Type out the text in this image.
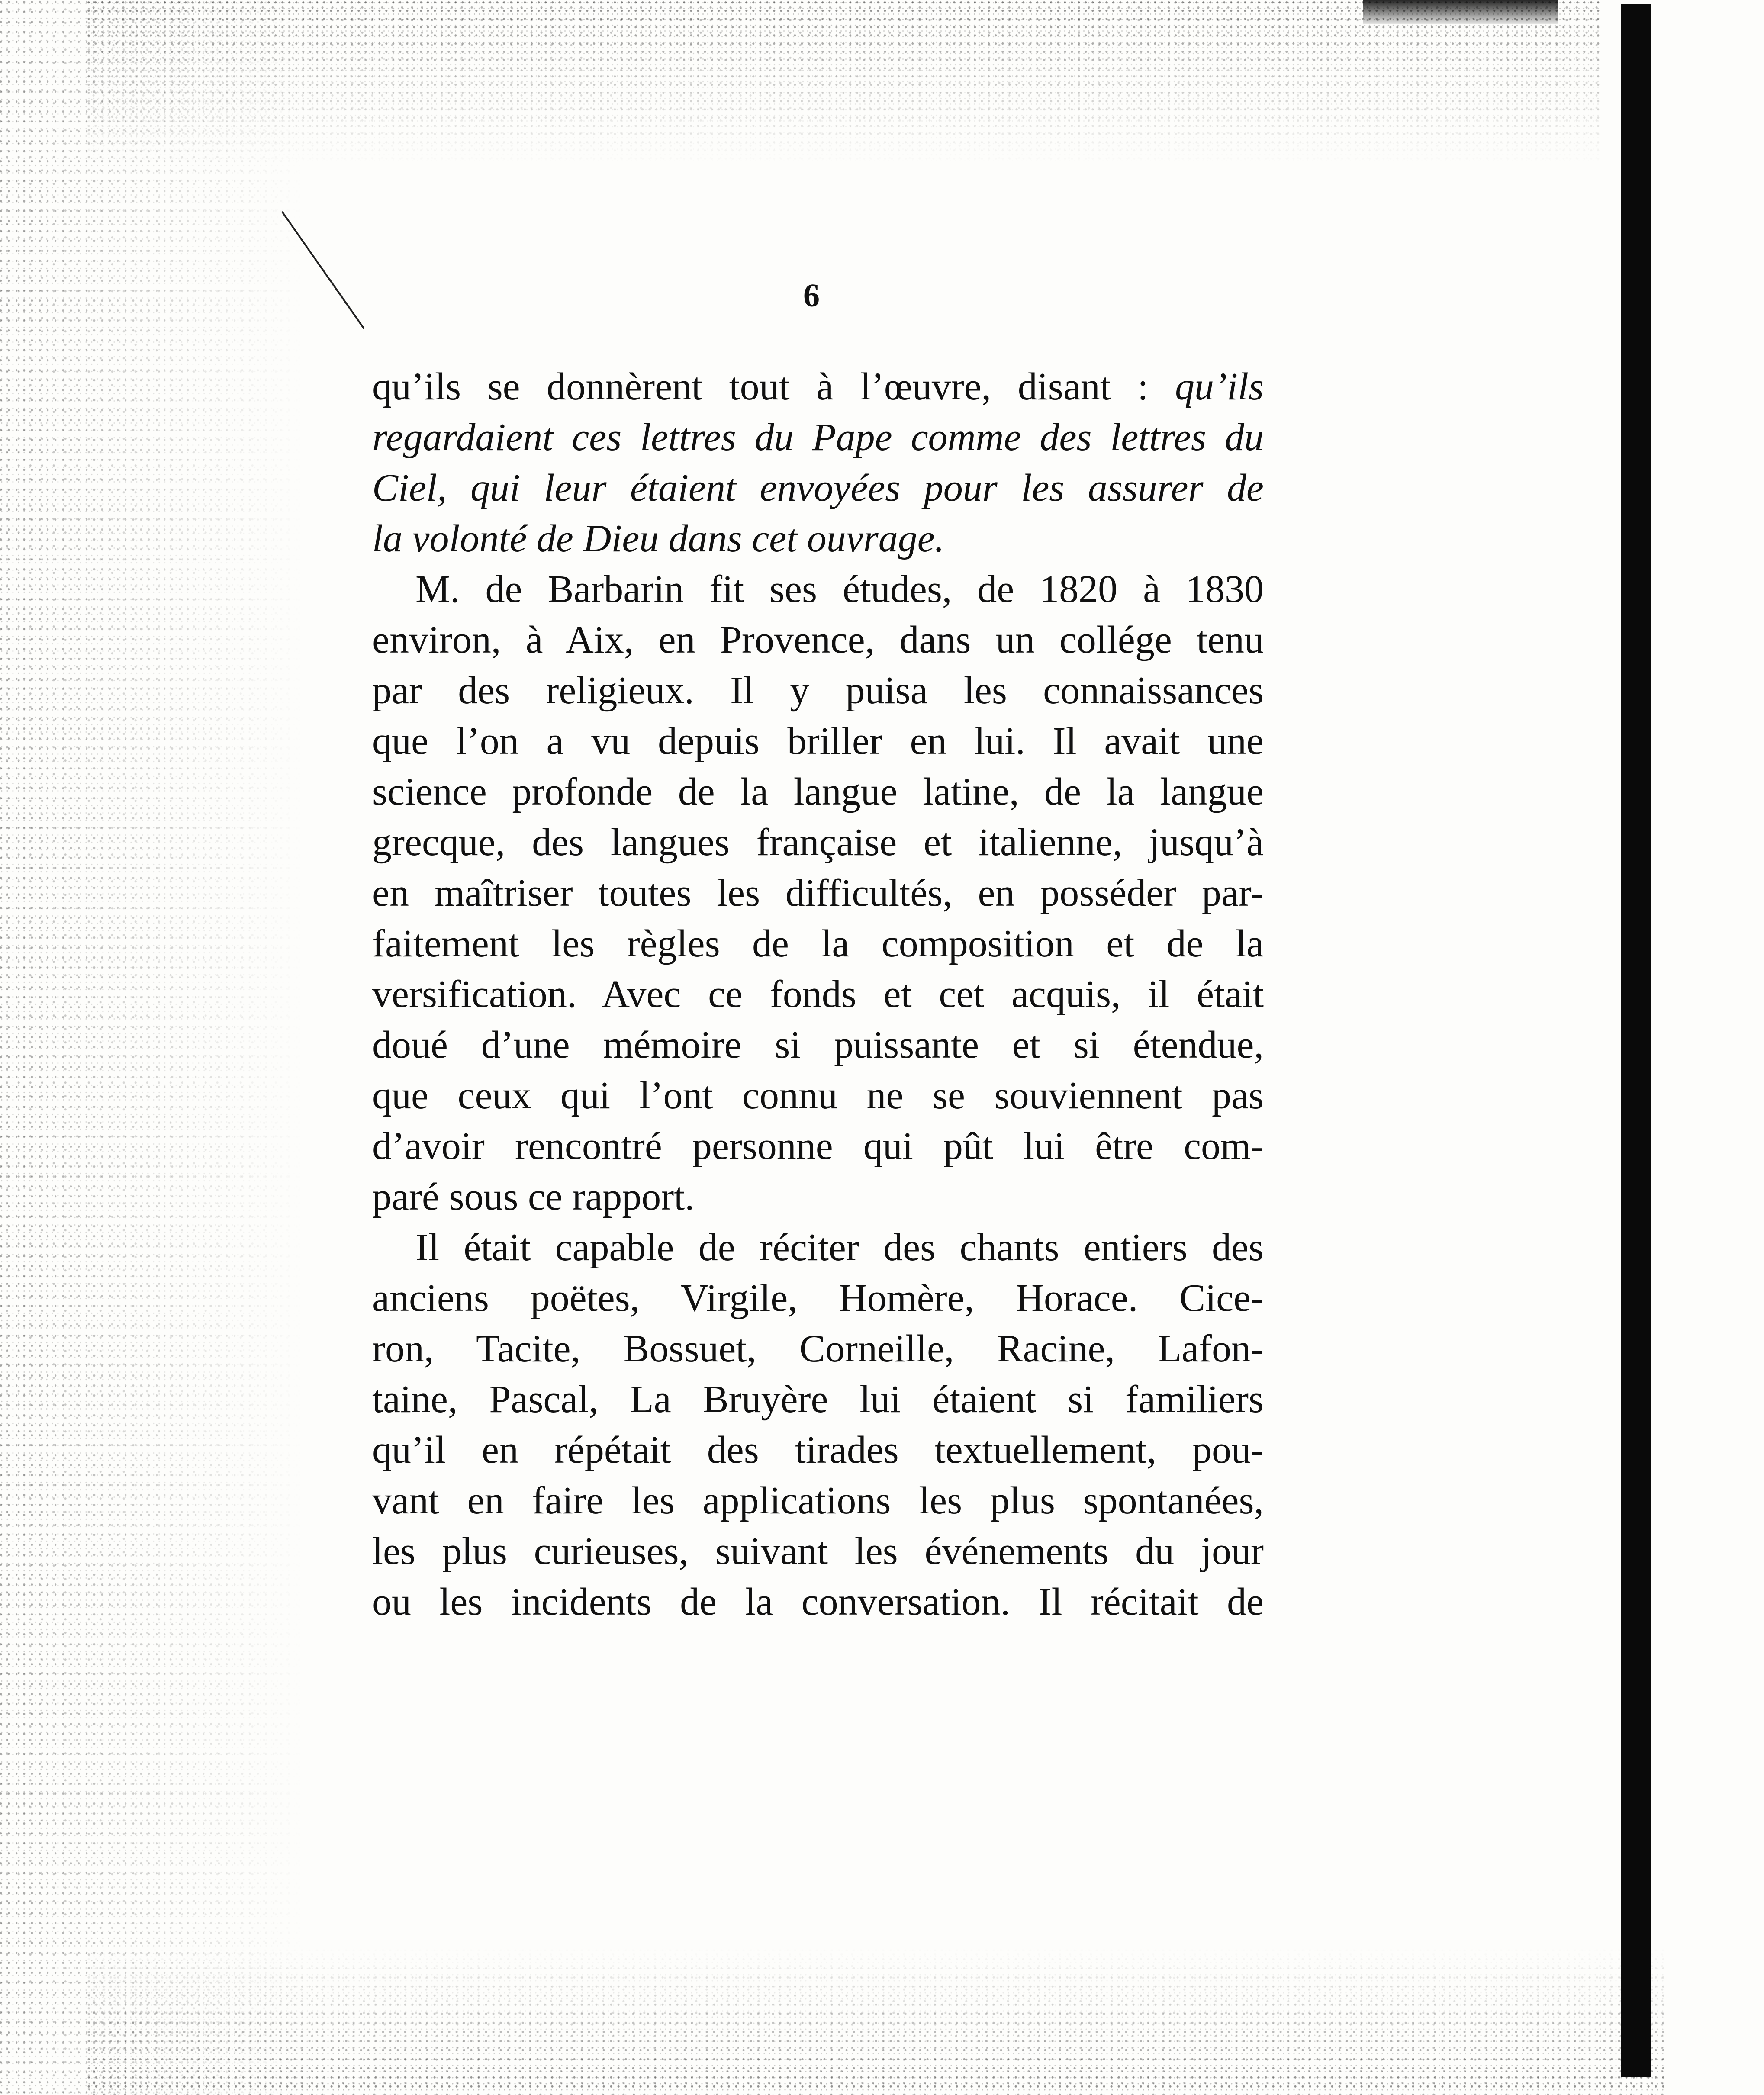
6
qu’ils se donnèrent tout à l’œuvre, disant : qu’ils
regardaient ces lettres du Pape comme des lettres du
Ciel, qui leur étaient envoyées pour les assurer de
la volonté de Dieu dans cet ouvrage.
M. de Barbarin fit ses études, de 1820 à 1830
environ, à Aix, en Provence, dans un collége tenu
par des religieux. Il y puisa les connaissances
que l’on a vu depuis briller en lui. Il avait une
science profonde de la langue latine, de la langue
grecque, des langues française et italienne, jusqu’à
en maîtriser toutes les difficultés, en posséder par-
faitement les règles de la composition et de la
versification. Avec ce fonds et cet acquis, il était
doué d’une mémoire si puissante et si étendue,
que ceux qui l’ont connu ne se souviennent pas
d’avoir rencontré personne qui pût lui être com-
paré sous ce rapport.
Il était capable de réciter des chants entiers des
anciens poëtes, Virgile, Homère, Horace. Cice-
ron, Tacite, Bossuet, Corneille, Racine, Lafon-
taine, Pascal, La Bruyère lui étaient si familiers
qu’il en répétait des tirades textuellement, pou-
vant en faire les applications les plus spontanées,
les plus curieuses, suivant les événements du jour
ou les incidents de la conversation. Il récitait de
